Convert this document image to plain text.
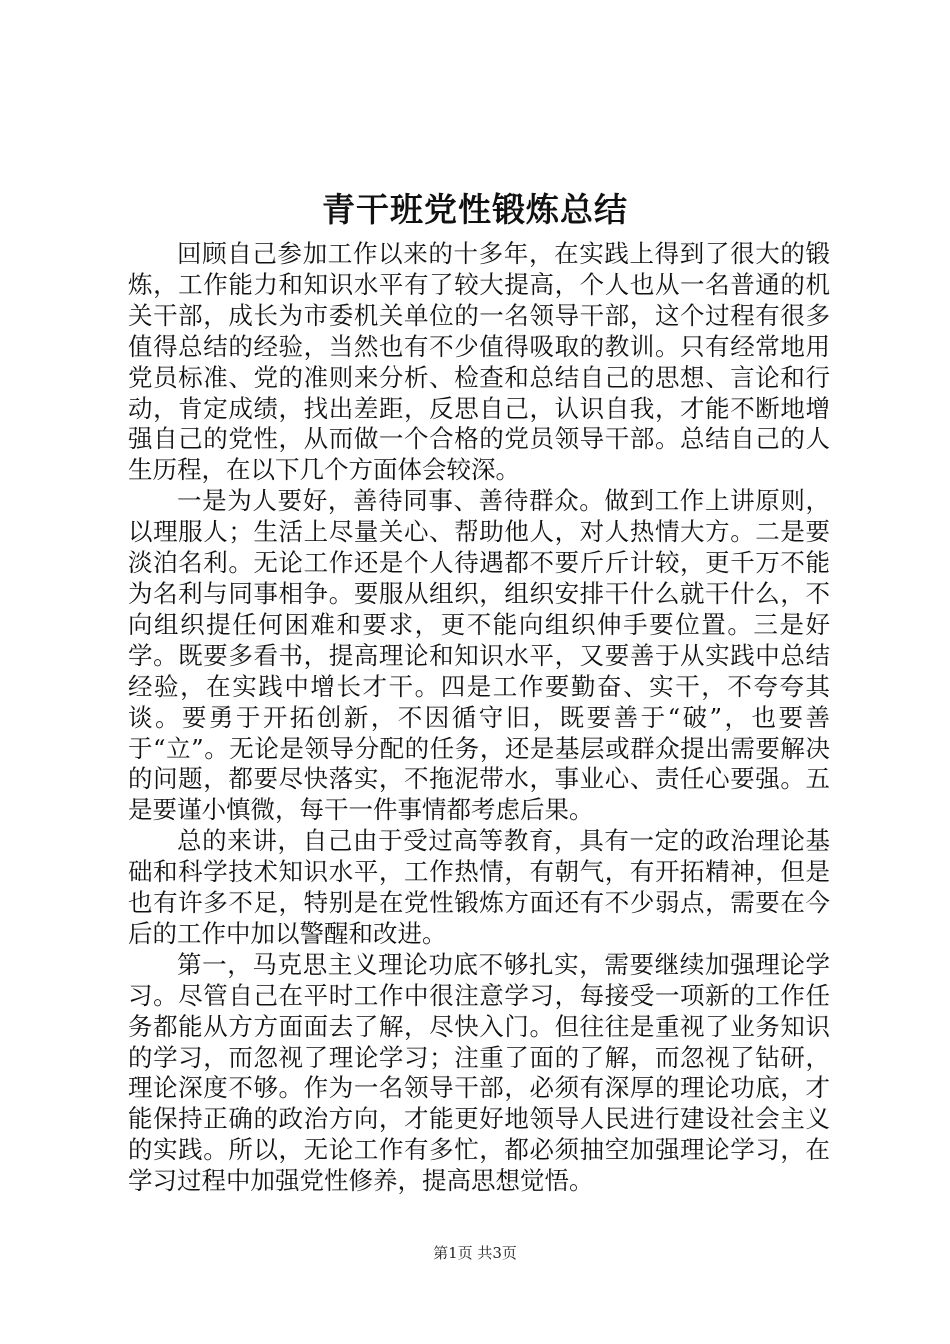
青干班党性锻炼总结

回顾自己参加工作以来的十多年，在实践上得到了很大的锻炼，工作能力和知识水平有了较大提高，个人也从一名普通的机关干部，成长为市委机关单位的一名领导干部，这个过程有很多值得总结的经验，当然也有不少值得吸取的教训。只有经常地用党员标准、党的准则来分析、检查和总结自己的思想、言论和行动，肯定成绩，找出差距，反思自己，认识自我，才能不断地增强自己的党性，从而做一个合格的党员领导干部。总结自己的人生历程，在以下几个方面体会较深。

一是为人要好，善待同事、善待群众。做到工作上讲原则，以理服人；生活上尽量关心、帮助他人，对人热情大方。二是要淡泊名利。无论工作还是个人待遇都不要斤斤计较，更千万不能为名利与同事相争。要服从组织，组织安排干什么就干什么，不向组织提任何困难和要求，更不能向组织伸手要位置。三是好学。既要多看书，提高理论和知识水平，又要善于从实践中总结经验，在实践中增长才干。四是工作要勤奋、实干，不夸夸其谈。要勇于开拓创新，不因循守旧，既要善于“破”，也要善于“立”。无论是领导分配的任务，还是基层或群众提出需要解决的问题，都要尽快落实，不拖泥带水，事业心、责任心要强。五是要谨小慎微，每干一件事情都考虑后果。

总的来讲，自己由于受过高等教育，具有一定的政治理论基础和科学技术知识水平，工作热情，有朝气，有开拓精神，但是也有许多不足，特别是在党性锻炼方面还有不少弱点，需要在今后的工作中加以警醒和改进。

第一，马克思主义理论功底不够扎实，需要继续加强理论学习。尽管自己在平时工作中很注意学习，每接受一项新的工作任务都能从方方面面去了解，尽快入门。但往往是重视了业务知识的学习，而忽视了理论学习；注重了面的了解，而忽视了钻研，理论深度不够。作为一名领导干部，必须有深厚的理论功底，才能保持正确的政治方向，才能更好地领导人民进行建设社会主义的实践。所以，无论工作有多忙，都必须抽空加强理论学习，在学习过程中加强党性修养，提高思想觉悟。

第1页 共3页
